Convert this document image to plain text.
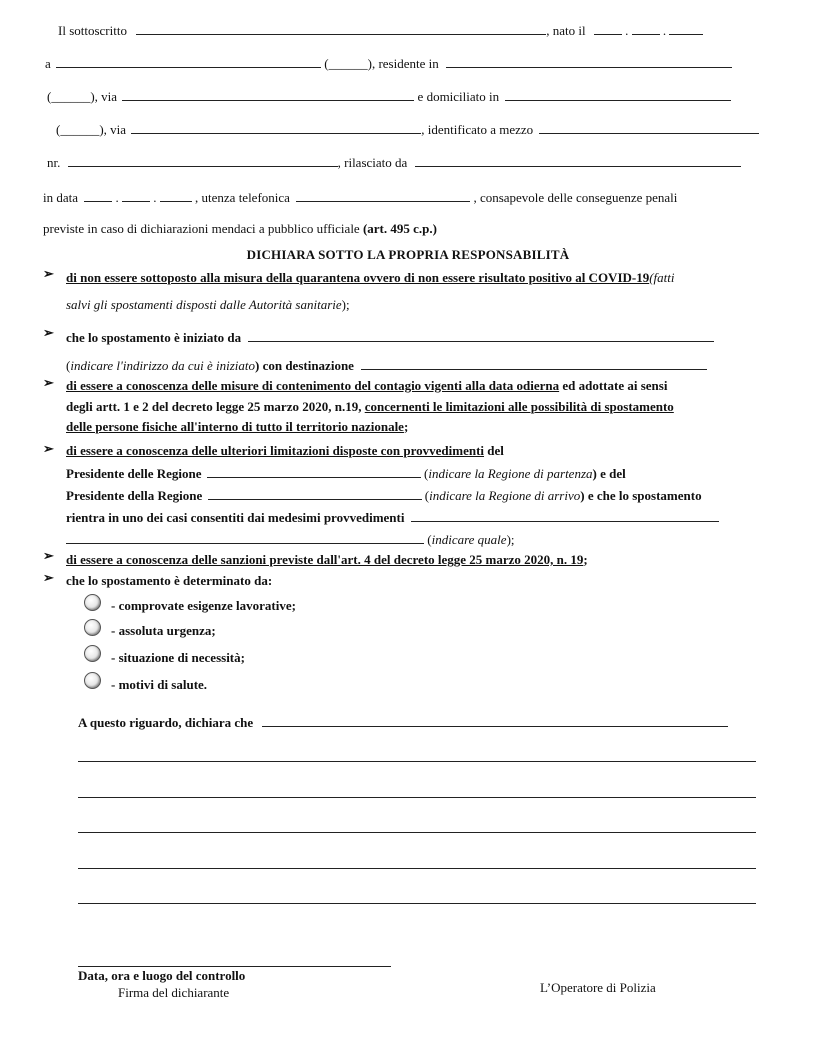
Il sottoscritto	, nato il	.  .
a	(______), residente in
(______), via	e domiciliato in
(______), via	, identificato a mezzo
nr.	, rilasciato da
in data	.  .	, utenza telefonica	, consapevole delle conseguenze penali
previste in caso di dichiarazioni mendaci a pubblico ufficiale (art. 495 c.p.)
DICHIARA SOTTO LA PROPRIA RESPONSABILITÀ
➢ di non essere sottoposto alla misura della quarantena ovvero di non essere risultato positivo al COVID-19(fatti
salvi gli spostamenti disposti dalle Autorità sanitarie);
➢ che lo spostamento è iniziato da
(indicare l'indirizzo da cui è iniziato) con destinazione
➢ di essere a conoscenza delle misure di contenimento del contagio vigenti alla data odierna ed adottate ai sensi
degli artt. 1 e 2 del decreto legge 25 marzo 2020, n.19, concernenti le limitazioni alle possibilità di spostamento
delle persone fisiche all'interno di tutto il territorio nazionale;
➢ di essere a conoscenza delle ulteriori limitazioni disposte con provvedimenti del
Presidente delle Regione	(indicare la Regione di partenza) e del
Presidente della Regione	(indicare la Regione di arrivo) e che lo spostamento
rientra in uno dei casi consentiti dai medesimi provvedimenti
(indicare quale);
➢ di essere a conoscenza delle sanzioni previste dall'art. 4 del decreto legge 25 marzo 2020, n. 19;
➢ che lo spostamento è determinato da:
- comprovate esigenze lavorative;
- assoluta urgenza;
- situazione di necessità;
- motivi di salute.
A questo riguardo, dichiara che
Data, ora e luogo del controllo
Firma del dichiarante	L’Operatore di Polizia
